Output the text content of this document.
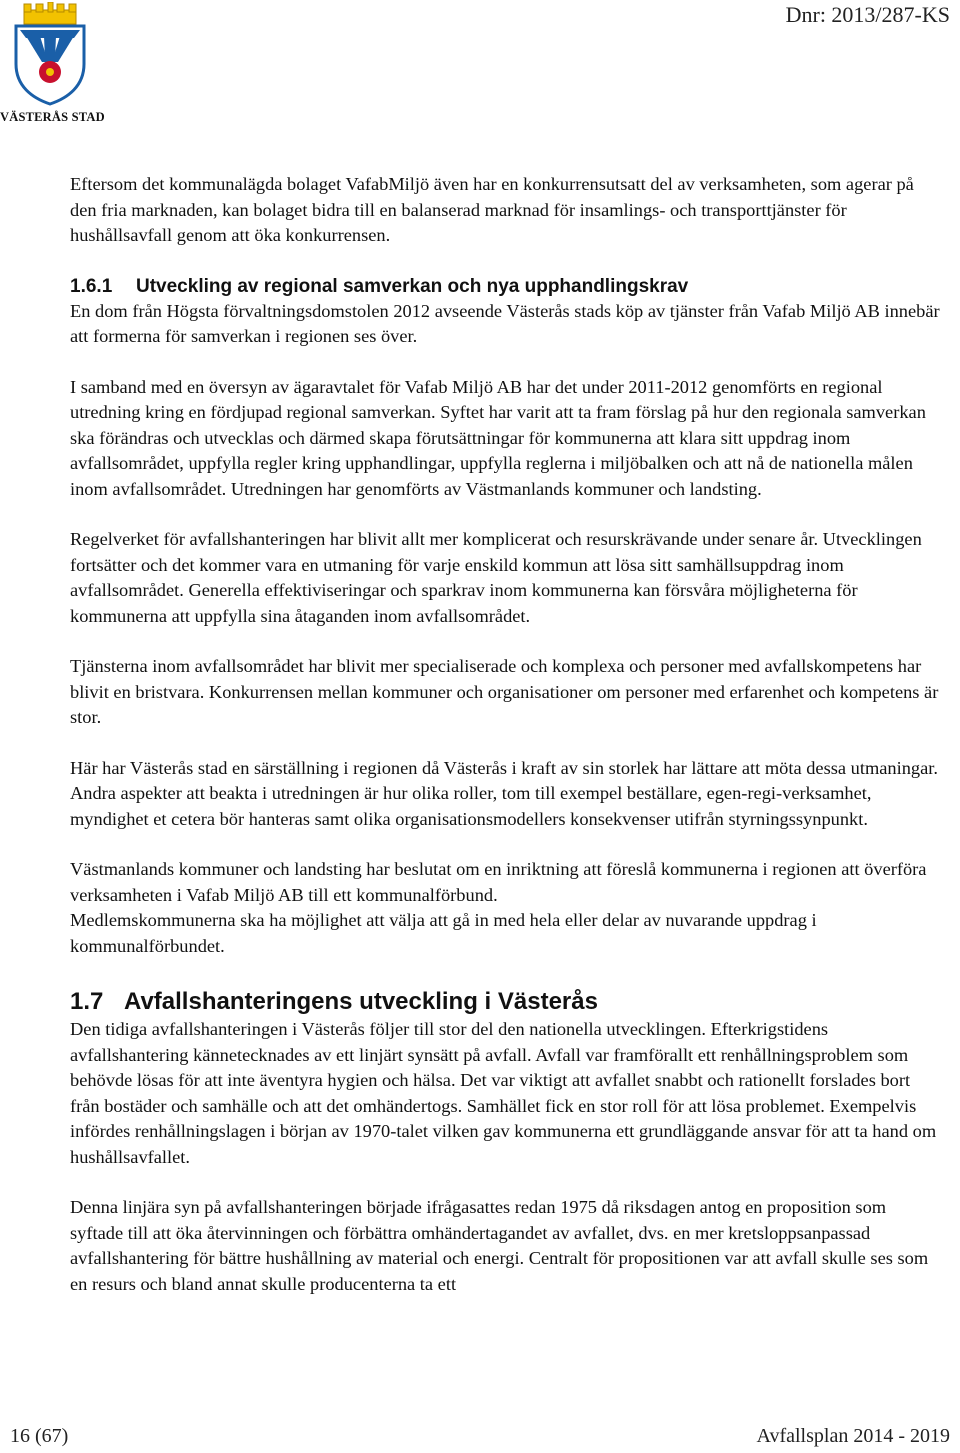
VÄSTERÅS STAD
Dnr: 2013/287-KS

Eftersom det kommunalägda bolaget VafabMiljö även har en konkurrensutsatt del av verksamheten, som agerar på den fria marknaden, kan bolaget bidra till en balanserad marknad för insamlings- och transporttjänster för hushållsavfall genom att öka konkurrensen.

1.6.1	Utveckling av regional samverkan och nya upphandlingskrav

En dom från Högsta förvaltningsdomstolen 2012 avseende Västerås stads köp av tjänster från Vafab Miljö AB innebär att formerna för samverkan i regionen ses över.

I samband med en översyn av ägaravtalet för Vafab Miljö AB har det under 2011-2012 genomförts en regional utredning kring en fördjupad regional samverkan. Syftet har varit att ta fram förslag på hur den regionala samverkan ska förändras och utvecklas och därmed skapa förutsättningar för kommunerna att klara sitt uppdrag inom avfallsområdet, uppfylla regler kring upphandlingar, uppfylla reglerna i miljöbalken och att nå de nationella målen inom avfallsområdet. Utredningen har genomförts av Västmanlands kommuner och landsting.

Regelverket för avfallshanteringen har blivit allt mer komplicerat och resurskrävande under senare år. Utvecklingen fortsätter och det kommer vara en utmaning för varje enskild kommun att lösa sitt samhällsuppdrag inom avfallsområdet. Generella effektiviseringar och sparkrav inom kommunerna kan försvåra möjligheterna för kommunerna att uppfylla sina åtaganden inom avfallsområdet.

Tjänsterna inom avfallsområdet har blivit mer specialiserade och komplexa och personer med avfallskompetens har blivit en bristvara. Konkurrensen mellan kommuner och organisationer om personer med erfarenhet och kompetens är stor.

Här har Västerås stad en särställning i regionen då Västerås i kraft av sin storlek har lättare att möta dessa utmaningar. Andra aspekter att beakta i utredningen är hur olika roller, tom till exempel beställare, egen-regi-verksamhet, myndighet et cetera bör hanteras samt olika organisationsmodellers konsekvenser utifrån styrningssynpunkt.

Västmanlands kommuner och landsting har beslutat om en inriktning att föreslå kommunerna i regionen att överföra verksamheten i Vafab Miljö AB till ett kommunalförbund.

Medlemskommunerna ska ha möjlighet att välja att gå in med hela eller delar av nuvarande uppdrag i kommunalförbundet.

1.7 Avfallshanteringens utveckling i Västerås

Den tidiga avfallshanteringen i Västerås följer till stor del den nationella utvecklingen. Efterkrigstidens avfallshantering kännetecknades av ett linjärt synsätt på avfall. Avfall var framförallt ett renhållningsproblem som behövde lösas för att inte äventyra hygien och hälsa. Det var viktigt att avfallet snabbt och rationellt forslades bort från bostäder och samhälle och att det omhändertogs. Samhället fick en stor roll för att lösa problemet. Exempelvis infördes renhållningslagen i början av 1970-talet vilken gav kommunerna ett grundläggande ansvar för att ta hand om hushållsavfallet.

Denna linjära syn på avfallshanteringen började ifrågasattes redan 1975 då riksdagen antog en proposition som syftade till att öka återvinningen och förbättra omhändertagandet av avfallet, dvs. en mer kretsloppsanpassad avfallshantering för bättre hushållning av material och energi. Centralt för propositionen var att avfall skulle ses som en resurs och bland annat skulle producenterna ta ett

16 (67)	Avfallsplan 2014 - 2019
